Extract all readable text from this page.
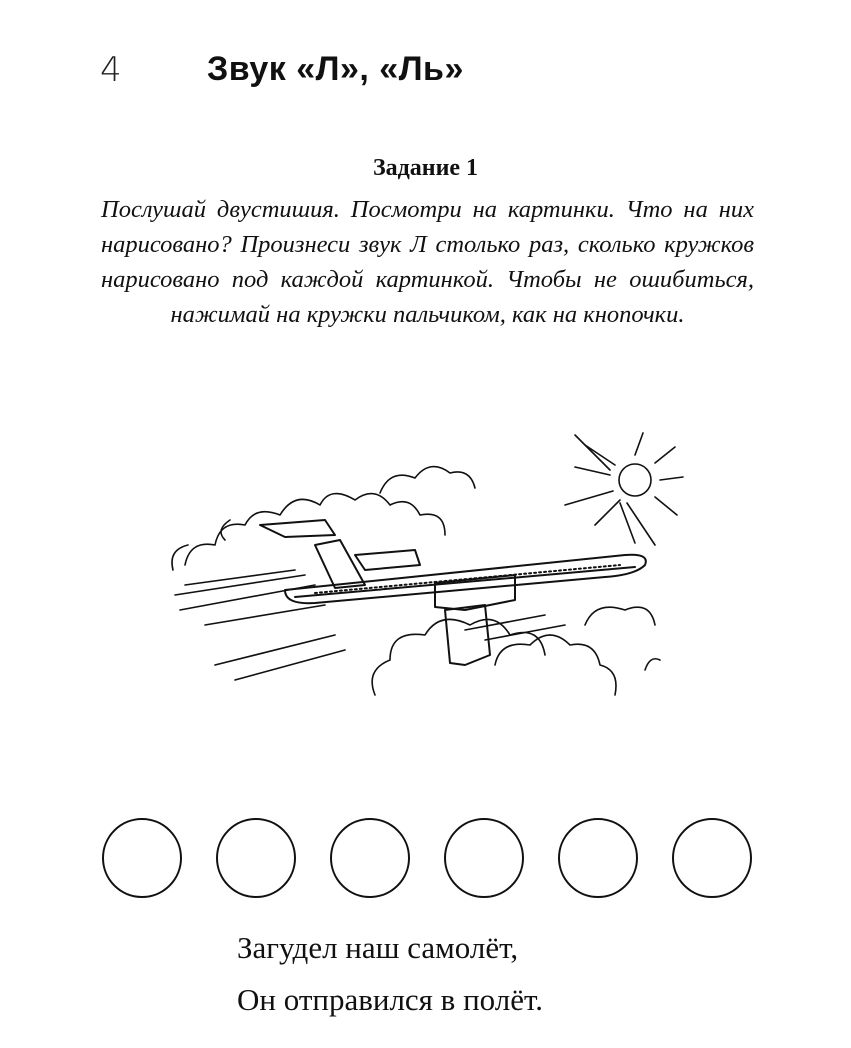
4	Звук «Л», «Ль»
Задание 1
Послушай двустишия. Посмотри на картинки. Что на них нарисовано? Произнеси звук Л столько раз, сколько кружков нарисовано под каждой картинкой. Чтобы не ошибиться, нажимай на кружки пальчиком, как на кнопочки.
Загудел наш самолёт,
Он отправился в полёт.
